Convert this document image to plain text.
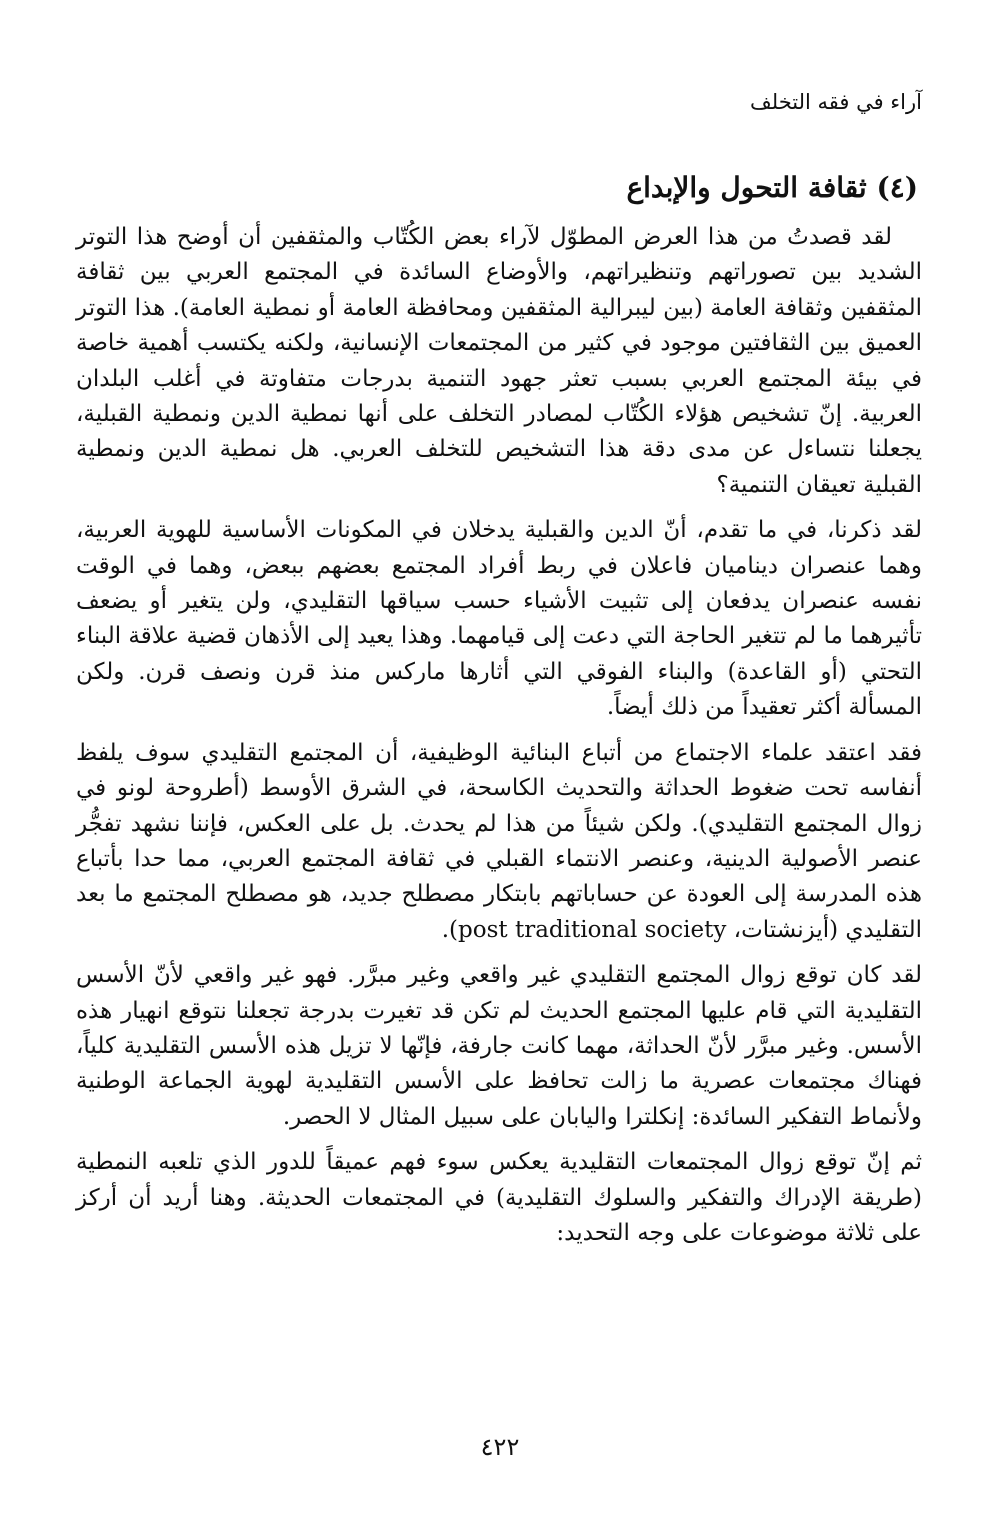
آراء في فقه التخلف
(٤) ثقافة التحول والإبداع

لقد قصدتُ من هذا العرض المطوّل لآراء بعض الكُتّاب والمثقفين أن أوضح هذا التوتر الشديد بين تصوراتهم وتنظيراتهم، والأوضاع السائدة في المجتمع العربي بين ثقافة المثقفين وثقافة العامة (بين ليبرالية المثقفين ومحافظة العامة أو نمطية العامة). هذا التوتر العميق بين الثقافتين موجود في كثير من المجتمعات الإنسانية، ولكنه يكتسب أهمية خاصة في بيئة المجتمع العربي بسبب تعثر جهود التنمية بدرجات متفاوتة في أغلب البلدان العربية. إنّ تشخيص هؤلاء الكُتّاب لمصادر التخلف على أنها نمطية الدين ونمطية القبلية، يجعلنا نتساءل عن مدى دقة هذا التشخيص للتخلف العربي. هل نمطية الدين ونمطية القبلية تعيقان التنمية؟

لقد ذكرنا، في ما تقدم، أنّ الدين والقبلية يدخلان في المكونات الأساسية للهوية العربية، وهما عنصران ديناميان فاعلان في ربط أفراد المجتمع بعضهم ببعض، وهما في الوقت نفسه عنصران يدفعان إلى تثبيت الأشياء حسب سياقها التقليدي، ولن يتغير أو يضعف تأثيرهما ما لم تتغير الحاجة التي دعت إلى قيامهما. وهذا يعيد إلى الأذهان قضية علاقة البناء التحتي (أو القاعدة) والبناء الفوقي التي أثارها ماركس منذ قرن ونصف قرن. ولكن المسألة أكثر تعقيداً من ذلك أيضاً.

فقد اعتقد علماء الاجتماع من أتباع البنائية الوظيفية، أن المجتمع التقليدي سوف يلفظ أنفاسه تحت ضغوط الحداثة والتحديث الكاسحة، في الشرق الأوسط (أطروحة لونو في زوال المجتمع التقليدي). ولكن شيئاً من هذا لم يحدث. بل على العكس، فإننا نشهد تفجُّر عنصر الأصولية الدينية، وعنصر الانتماء القبلي في ثقافة المجتمع العربي، مما حدا بأتباع هذه المدرسة إلى العودة عن حساباتهم بابتكار مصطلح جديد، هو مصطلح المجتمع ما بعد التقليدي (أيزنشتات، post traditional society).

لقد كان توقع زوال المجتمع التقليدي غير واقعي وغير مبرَّر. فهو غير واقعي لأنّ الأسس التقليدية التي قام عليها المجتمع الحديث لم تكن قد تغيرت بدرجة تجعلنا نتوقع انهيار هذه الأسس. وغير مبرَّر لأنّ الحداثة، مهما كانت جارفة، فإنّها لا تزيل هذه الأسس التقليدية كلياً، فهناك مجتمعات عصرية ما زالت تحافظ على الأسس التقليدية لهوية الجماعة الوطنية ولأنماط التفكير السائدة: إنكلترا واليابان على سبيل المثال لا الحصر.

ثم إنّ توقع زوال المجتمعات التقليدية يعكس سوء فهم عميقاً للدور الذي تلعبه النمطية (طريقة الإدراك والتفكير والسلوك التقليدية) في المجتمعات الحديثة. وهنا أريد أن أركز على ثلاثة موضوعات على وجه التحديد:

٤٢٢
